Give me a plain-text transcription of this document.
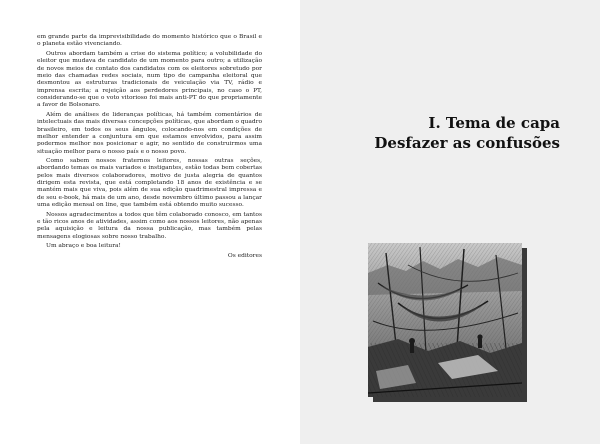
em grande parte da imprevisibilidade do momento histórico que o Brasil e o planeta estão vivenciando.

Outros abordam também a crise do sistema político; a volubilidade do eleitor que mudava de candidato de um momento para outro; a utilização de novos meios de contato dos candidatos com os eleitores sobretudo por meio das chamadas redes sociais, num tipo de campanha eleitoral que desmontou as estruturas tradicionais de veiculação via TV, rádio e imprensa escrita; a rejeição aos perdedores principais, no caso o PT, considerando-se que o voto vitorioso foi mais anti-PT do que propriamente a favor de Bolsonaro.

Além de análises de lideranças políticas, há também comentários de intelectuais das mais diversas concepções políticas, que abordam o quadro brasileiro, em todos os seus ângulos, colocando-nos em condições de melhor entender a conjuntura em que estamos envolvidos, para assim podermos melhor nos posicionar e agir, no sentido de construirmos uma situação melhor para o nosso país e o nosso povo.

Como sabem nossos fraternos leitores, nossas outras seções, abordando temas os mais variados e instigantes, estão todas bem cobertas pelos mais diversos colaboradores, motivo de justa alegria de quantos dirigem esta revista, que está completando 18 anos de existência e se mantém mais que viva, pois além de sua edição quadrimestral impressa e de seu e-book, há mais de um ano, desde novembro último passou a lançar uma edição mensal on line, que também está obtendo muito sucesso.

Nossos agradecimentos a todos que têm colaborado conosco, em tantos e tão ricos anos de atividades, assim como aos nossos leitores, não apenas pela aquisição e leitura da nossa publicação, mas também pelas mensagens elogiosas sobre nosso trabalho.

Um abraço e boa leitura!

Os editores

I. Tema de capa
Desfazer as confusões
